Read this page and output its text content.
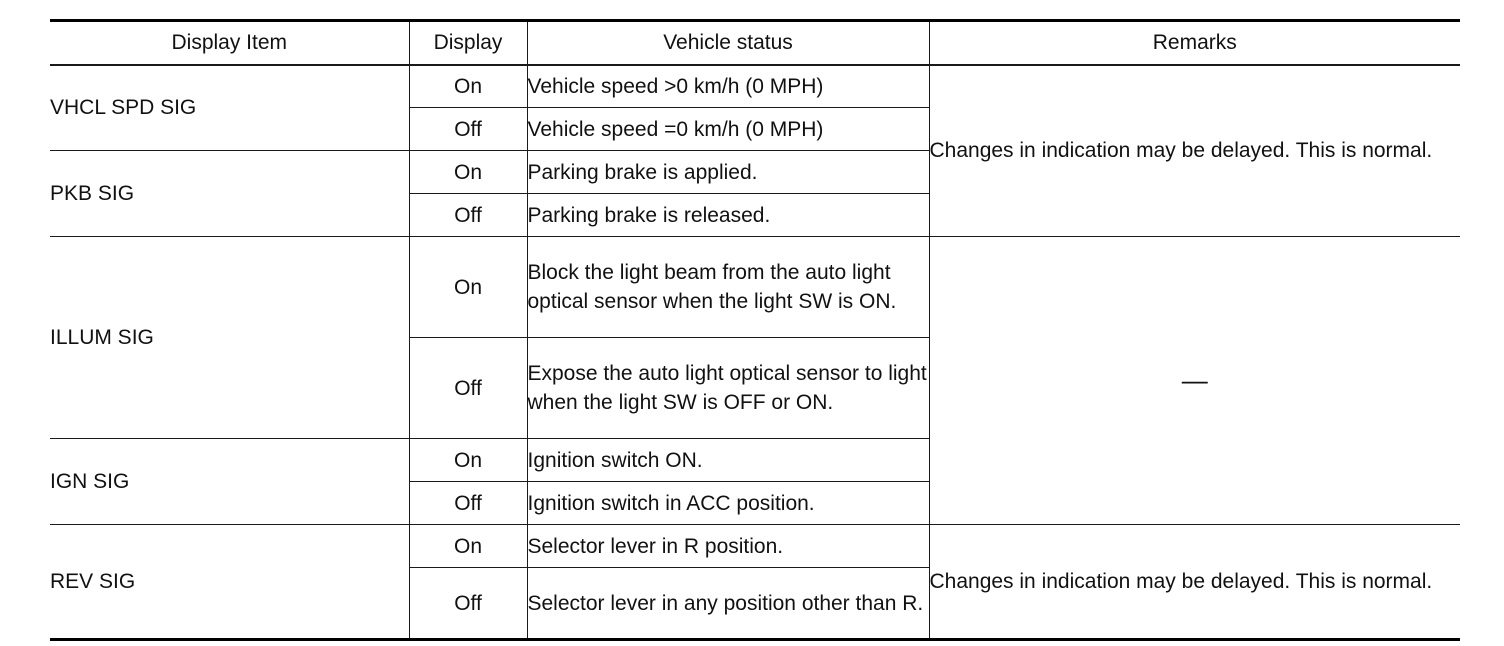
Display Item	Display	Vehicle status	Remarks
VHCL SPD SIG	On	Vehicle speed >0 km/h (0 MPH)	Changes in indication may be delayed. This is normal.
	Off	Vehicle speed =0 km/h (0 MPH)	
PKB SIG	On	Parking brake is applied.	
	Off	Parking brake is released.	
ILLUM SIG	On	Block the light beam from the auto light optical sensor when the light SW is ON.	—
	Off	Expose the auto light optical sensor to light when the light SW is OFF or ON.	
IGN SIG	On	Ignition switch ON.	
	Off	Ignition switch in ACC position.	
REV SIG	On	Selector lever in R position.	Changes in indication may be delayed. This is normal.
	Off	Selector lever in any position other than R.	
